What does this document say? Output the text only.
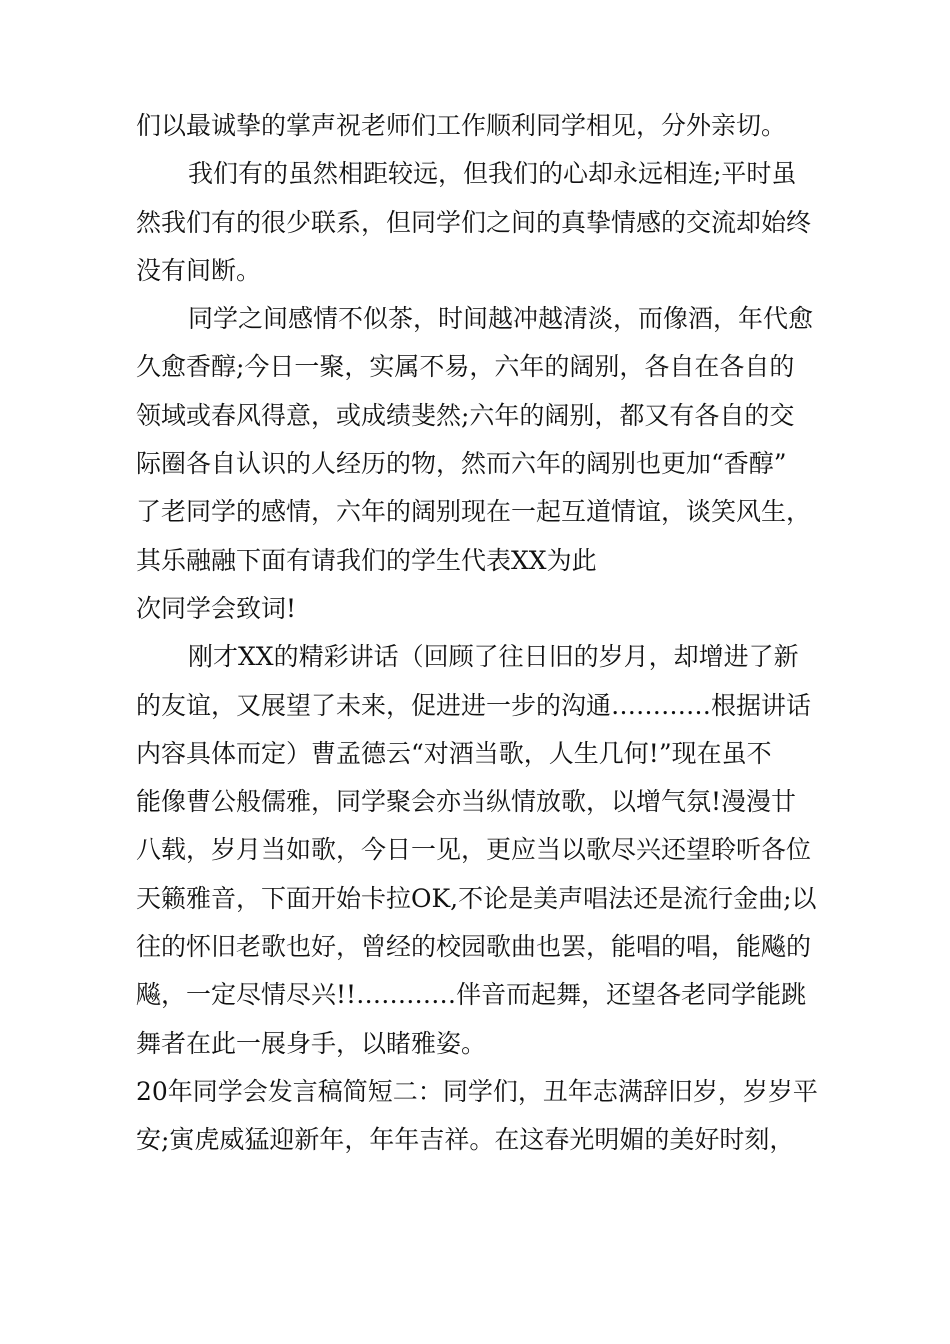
们以最诚挚的掌声祝老师们工作顺利同学相见，分外亲切。
我们有的虽然相距较远，但我们的心却永远相连;平时虽
然我们有的很少联系，但同学们之间的真挚情感的交流却始终
没有间断。
同学之间感情不似茶，时间越冲越清淡，而像酒，年代愈
久愈香醇;今日一聚，实属不易，六年的阔别，各自在各自的
领域或春风得意，或成绩斐然;六年的阔别，都又有各自的交
际圈各自认识的人经历的物，然而六年的阔别也更加“香醇”
了老同学的感情，六年的阔别现在一起互道情谊，谈笑风生，
其乐融融下面有请我们的学生代表XX为此
次同学会致词!
刚才XX的精彩讲话（回顾了往日旧的岁月，却增进了新
的友谊，又展望了未来，促进进一步的沟通…………根据讲话
内容具体而定）曹孟德云“对酒当歌，人生几何!”现在虽不
能像曹公般儒雅，同学聚会亦当纵情放歌，以增气氛!漫漫廿
八载，岁月当如歌，今日一见，更应当以歌尽兴还望聆听各位
天籁雅音，下面开始卡拉OK,不论是美声唱法还是流行金曲;以
往的怀旧老歌也好，曾经的校园歌曲也罢，能唱的唱，能飚的
飚，一定尽情尽兴!!…………伴音而起舞，还望各老同学能跳
舞者在此一展身手，以睹雅姿。
20年同学会发言稿简短二：同学们，丑年志满辞旧岁，岁岁平
安;寅虎威猛迎新年，年年吉祥。在这春光明媚的美好时刻，
